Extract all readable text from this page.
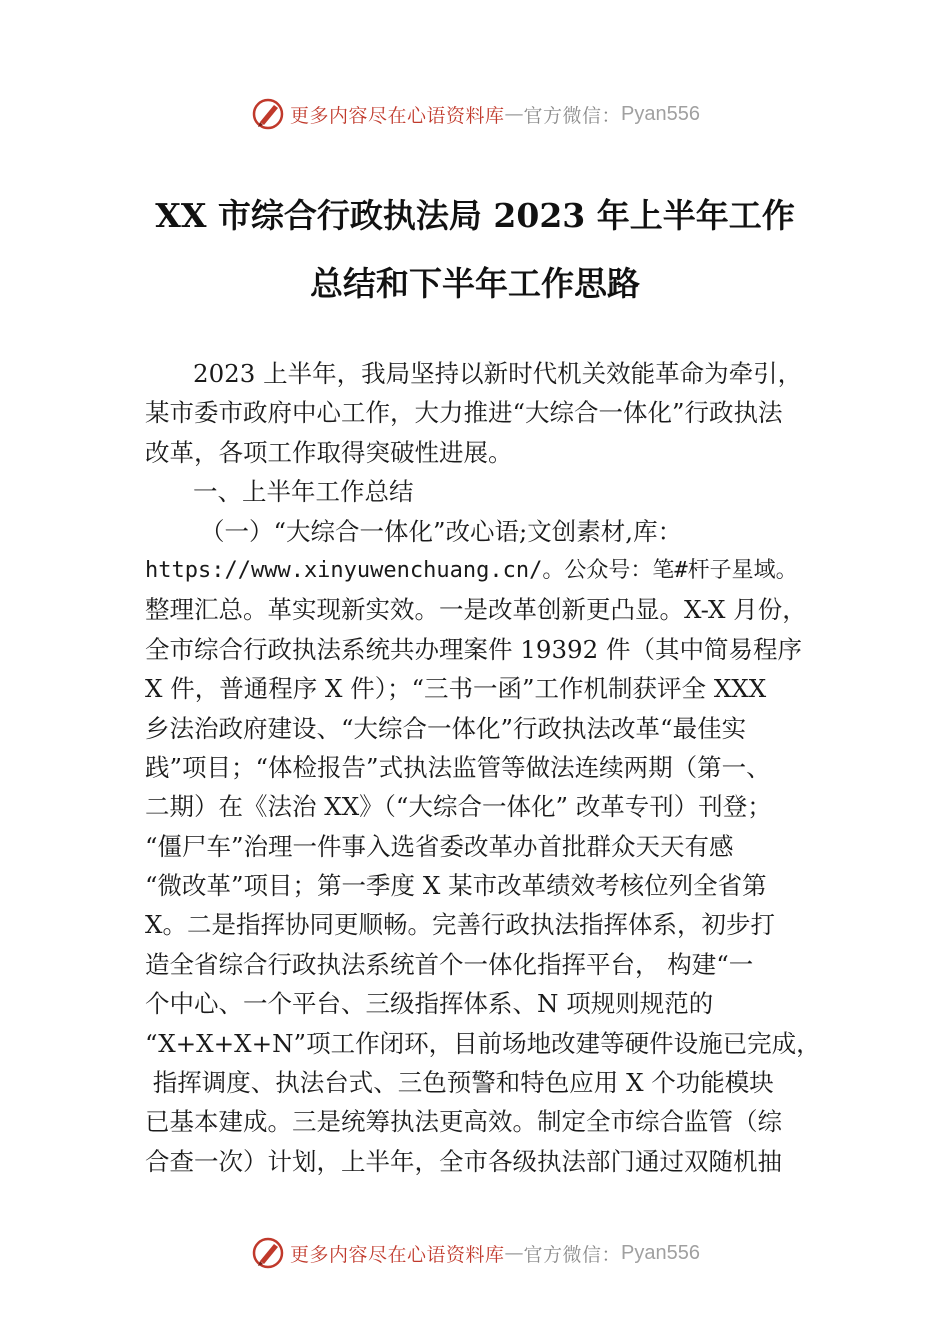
更多内容尽在心语资料库 — 官方微信： Pyan556
XX 市综合行政执法局 2023 年上半年工作
总结和下半年工作思路
2023 上半年，我局坚持以新时代机关效能革命为牵引，
某市委市政府中心工作，大力推进“大综合一体化”行政执法
改革，各项工作取得突破性进展。
一、上半年工作总结
（一）“大综合一体化”改心语;文创素材,库：
https://www.xinyuwenchuang.cn/。公众号：笔#杆子星域。
整理汇总。革实现新实效。一是改革创新更凸显。X-X 月份，
全市综合行政执法系统共办理案件 19392 件（其中简易程序
X 件，普通程序 X 件）；“三书一函”工作机制获评全 XXX
乡法治政府建设、“大综合一体化”行政执法改革“最佳实
践”项目；“体检报告”式执法监管等做法连续两期（第一、
二期）在《法治 XX》（“大综合一体化” 改革专刊）刊登；
“僵尸车”治理一件事入选省委改革办首批群众天天有感
“微改革”项目；第一季度 X 某市改革绩效考核位列全省第
X。二是指挥协同更顺畅。完善行政执法指挥体系，初步打
造全省综合行政执法系统首个一体化指挥平台， 构建“一
个中心、一个平台、三级指挥体系、N 项规则规范的
“X+X+X+N”项工作闭环，目前场地改建等硬件设施已完成，
指挥调度、执法台式、三色预警和特色应用 X 个功能模块
已基本建成。三是统筹执法更高效。制定全市综合监管（综
合查一次）计划，上半年，全市各级执法部门通过双随机抽
更多内容尽在心语资料库 — 官方微信： Pyan556
